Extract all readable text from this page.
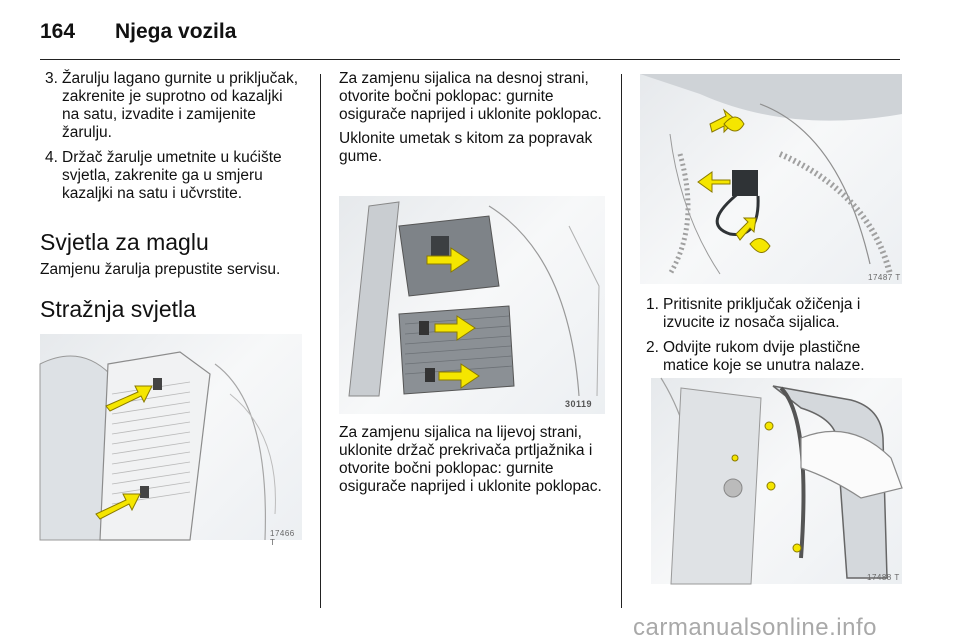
164 Njega vozila
3. Žarulju lagano gurnite u priključak, zakrenite je suprotno od kazaljki na satu, izvadite i zamijenite žarulju.
4. Držač žarulje umetnite u kućište svjetla, zakrenite ga u smjeru kazaljki na satu i učvrstite.
Svjetla za maglu
Zamjenu žarulja prepustite servisu.
Stražnja svjetla
17466 T

Za zamjenu sijalica na desnoj strani, otvorite bočni poklopac: gurnite osigurače naprijed i uklonite poklopac.

Uklonite umetak s kitom za popravak gume.

30119

Za zamjenu sijalica na lijevoj strani, uklonite držač prekrivača prtljažnika i otvorite bočni poklopac: gurnite osigurače naprijed i uklonite poklopac.

17487 T
1. Pritisnite priključak ožičenja i izvucite iz nosača sijalica.
2. Odvijte rukom dvije plastične matice koje se unutra nalaze.
17488 T
carmanualsonline.info
